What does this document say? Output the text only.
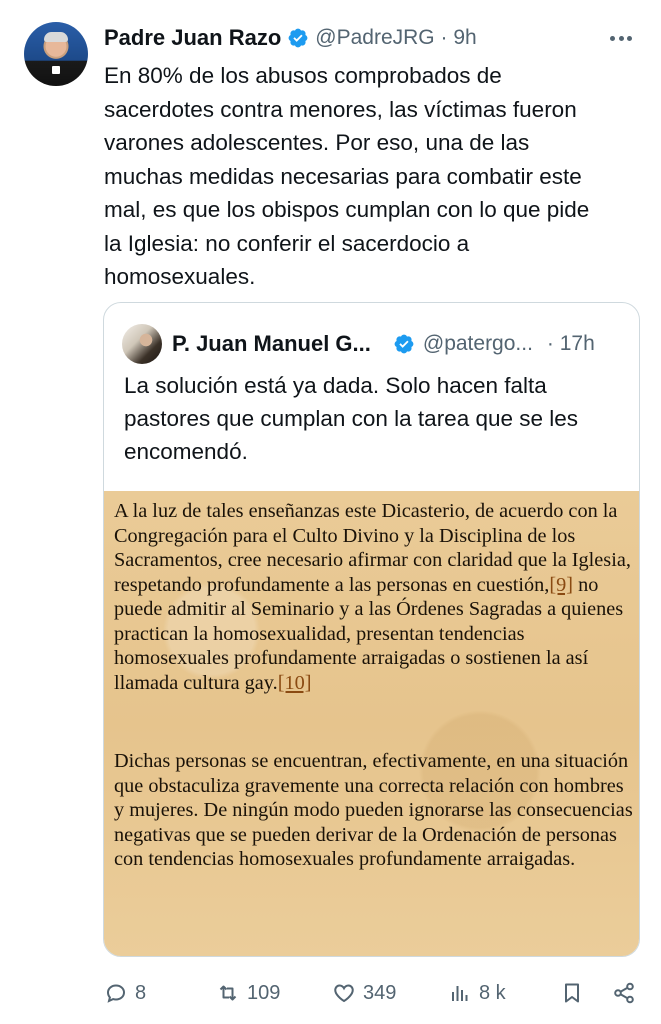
Padre Juan Razo @PadreJRG · 9h
En 80% de los abusos comprobados de
sacerdotes contra menores, las víctimas fueron
varones adolescentes. Por eso, una de las
muchas medidas necesarias para combatir este
mal, es que los obispos cumplan con lo que pide
la Iglesia: no conferir el sacerdocio a
homosexuales.
P. Juan Manuel G... @patergo... · 17h
La solución está ya dada. Solo hacen falta
pastores que cumplan con la tarea que se les
encomendó.

A la luz de tales enseñanzas este Dicasterio, de acuerdo con la Congregación para el Culto Divino y la Disciplina de los Sacramentos, cree necesario afirmar con claridad que la Iglesia, respetando profundamente a las personas en cuestión,[9] no puede admitir al Seminario y a las Órdenes Sagradas a quienes practican la homosexualidad, presentan tendencias homosexuales profundamente arraigadas o sostienen la así llamada cultura gay.[10]

Dichas personas se encuentran, efectivamente, en una situación que obstaculiza gravemente una correcta relación con hombres y mujeres. De ningún modo pueden ignorarse las consecuencias negativas que se pueden derivar de la Ordenación de personas con tendencias homosexuales profundamente arraigadas.

8	109	349	8 k
